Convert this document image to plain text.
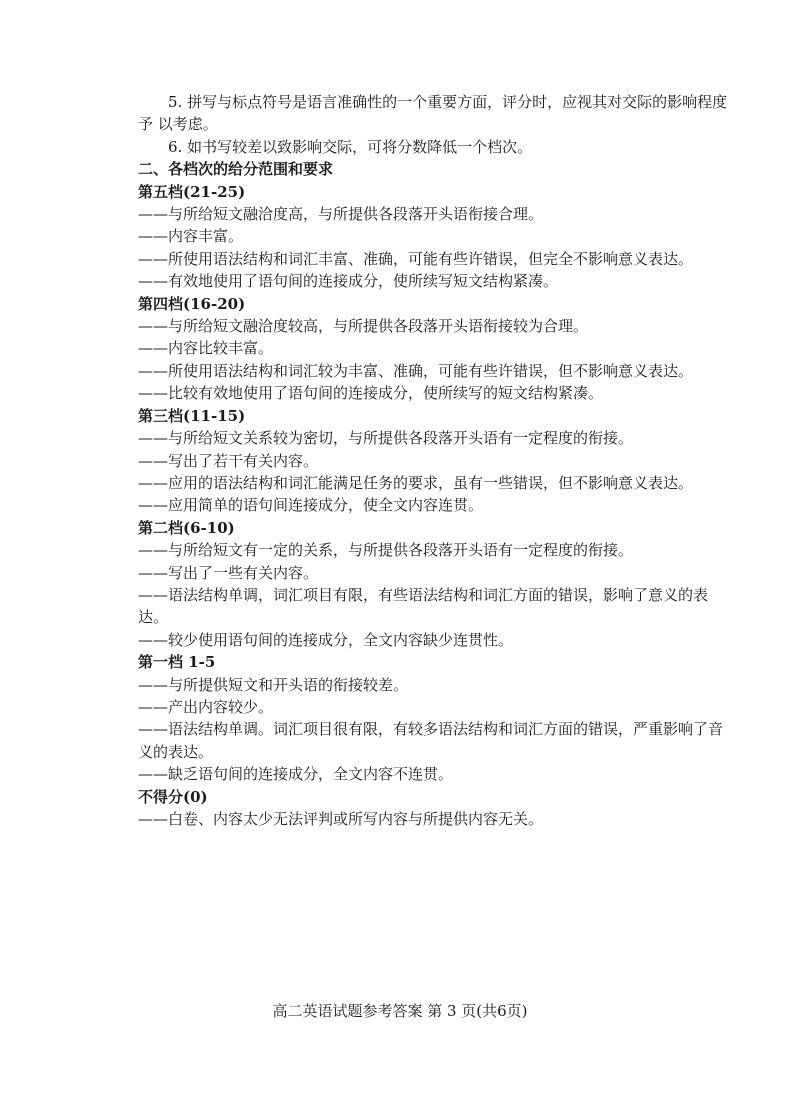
5. 拼写与标点符号是语言准确性的一个重要方面，评分时，应视其对交际的影响程度予 以考虑。

6. 如书写较差以致影响交际，可将分数降低一个档次。

二、各档次的给分范围和要求

第五档(21-25)

——与所给短文融洽度高，与所提供各段落开头语衔接合理。

——内容丰富。

——所使用语法结构和词汇丰富、准确，可能有些许错误，但完全不影响意义表达。

——有效地使用了语句间的连接成分，使所续写短文结构紧凑。

第四档(16-20)

——与所给短文融洽度较高，与所提供各段落开头语衔接较为合理。

——内容比较丰富。

——所使用语法结构和词汇较为丰富、准确，可能有些许错误，但不影响意义表达。

——比较有效地使用了语句间的连接成分，使所续写的短文结构紧凑。

第三档(11-15)

——与所给短文关系较为密切，与所提供各段落开头语有一定程度的衔接。

——写出了若干有关内容。

——应用的语法结构和词汇能满足任务的要求，虽有一些错误，但不影响意义表达。

——应用简单的语句间连接成分，使全文内容连贯。

第二档(6-10)

——与所给短文有一定的关系，与所提供各段落开头语有一定程度的衔接。

——写出了一些有关内容。

——语法结构单调，词汇项目有限，有些语法结构和词汇方面的错误，影响了意义的表达。

——较少使用语句间的连接成分，全文内容缺少连贯性。

第一档 1-5

——与所提供短文和开头语的衔接较差。

——产出内容较少。

——语法结构单调。词汇项目很有限，有较多语法结构和词汇方面的错误，严重影响了音义的表达。

——缺乏语句间的连接成分，全文内容不连贯。

不得分(0)

——白卷、内容太少无法评判或所写内容与所提供内容无关。

高二英语试题参考答案 第 3 页(共6页)
